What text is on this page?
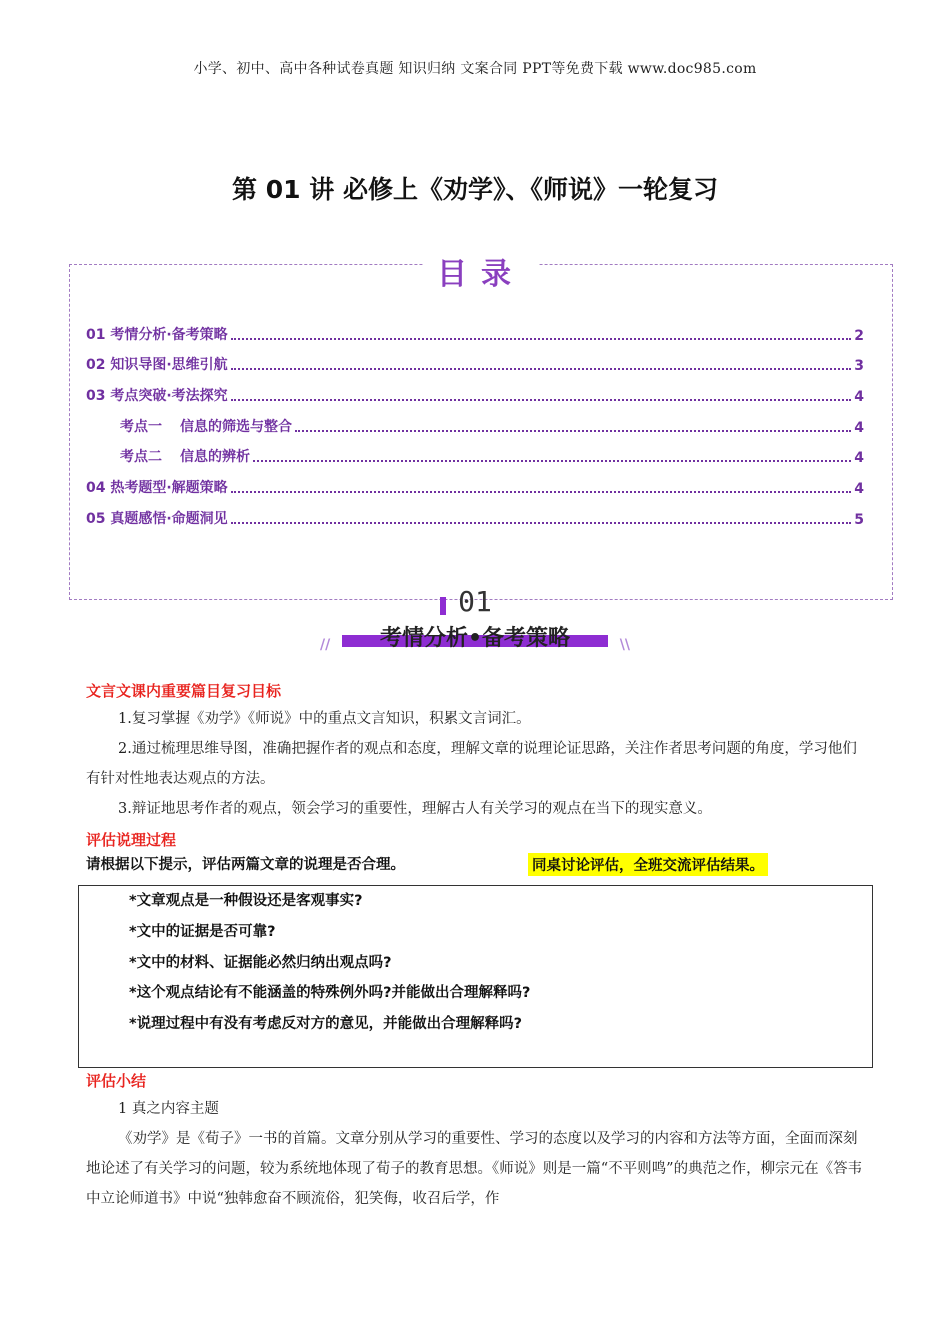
小学、初中、高中各种试卷真题 知识归纳 文案合同 PPT等免费下载 www.doc985.com
第 01 讲 必修上《劝学》、《师说》一轮复习
目录
01 考情分析·备考策略	2
02 知识导图·思维引航	3
03 考点突破·考法探究	4
考点一 信息的筛选与整合	4
考点二 信息的辨析	4
04 热考题型·解题策略	4
05 真题感悟·命题洞见	5
01
//	\\
考情分析•备考策略
文言文课内重要篇目复习目标
1.复习掌握《劝学》《师说》中的重点文言知识，积累文言词汇。
2.通过梳理思维导图，准确把握作者的观点和态度，理解文章的说理论证思路，关注作者思考问题的角度，学习他们有针对性地表达观点的方法。
3.辩证地思考作者的观点，领会学习的重要性，理解古人有关学习的观点在当下的现实意义。
评估说理过程
请根据以下提示，评估两篇文章的说理是否合理。	同桌讨论评估，全班交流评估结果。
*文章观点是一种假设还是客观事实?
*文中的证据是否可靠?
*文中的材料、证据能必然归纳出观点吗?
*这个观点结论有不能涵盖的特殊例外吗?并能做出合理解释吗?
*说理过程中有没有考虑反对方的意见，并能做出合理解释吗?
评估小结
1 真之内容主题
《劝学》是《荀子》一书的首篇。文章分别从学习的重要性、学习的态度以及学习的内容和方法等方面，全面而深刻地论述了有关学习的问题，较为系统地体现了荀子的教育思想。《师说》则是一篇“不平则鸣”的典范之作，柳宗元在《答韦中立论师道书》中说“独韩愈奋不顾流俗，犯笑侮，收召后学，作
